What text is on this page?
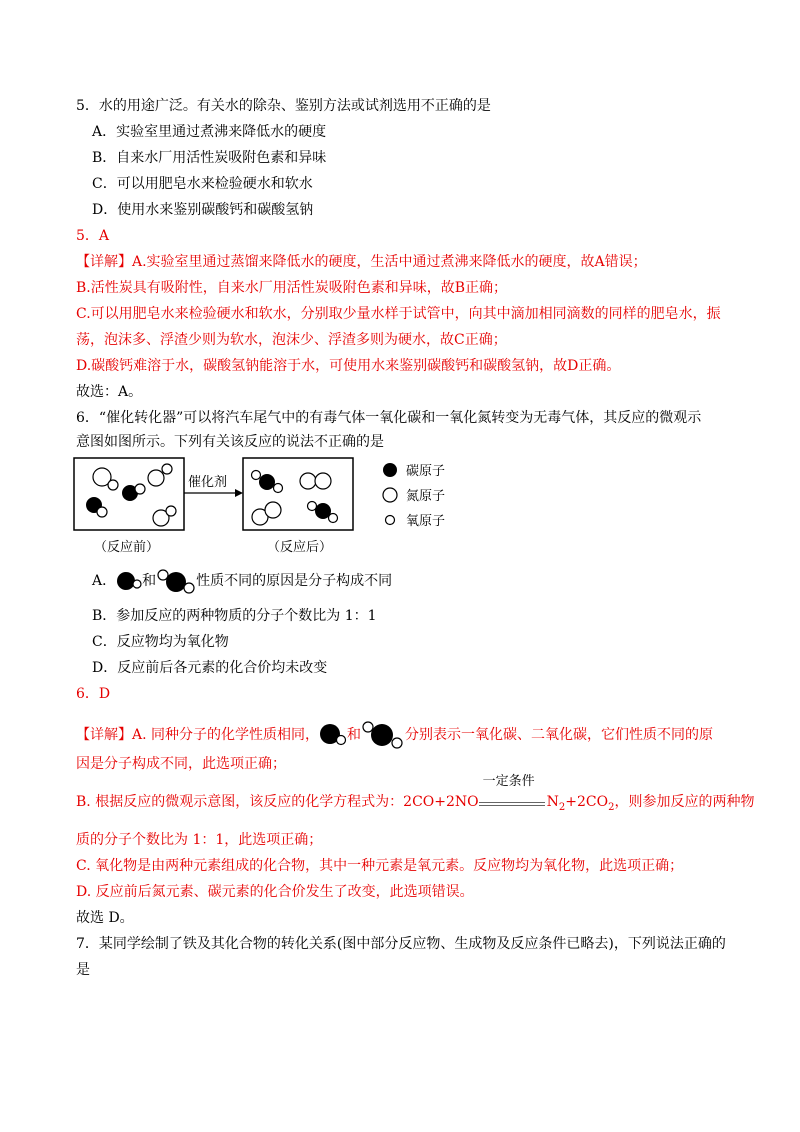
5．水的用途广泛。有关水的除杂、鉴别方法或试剂选用不正确的是
A．实验室里通过煮沸来降低水的硬度
B．自来水厂用活性炭吸附色素和异味
C．可以用肥皂水来检验硬水和软水
D．使用水来鉴别碳酸钙和碳酸氢钠
5．A
【详解】A.实验室里通过蒸馏来降低水的硬度，生活中通过煮沸来降低水的硬度，故A错误；
B.活性炭具有吸附性，自来水厂用活性炭吸附色素和异味，故B正确；
C.可以用肥皂水来检验硬水和软水，分别取少量水样于试管中，向其中滴加相同滴数的同样的肥皂水，振
荡，泡沫多、浮渣少则为软水，泡沫少、浮渣多则为硬水，故C正确；
D.碳酸钙难溶于水，碳酸氢钠能溶于水，可使用水来鉴别碳酸钙和碳酸氢钠，故D正确。
故选：A。
6．“催化转化器”可以将汽车尾气中的有毒气体一氧化碳和一氧化氮转变为无毒气体，其反应的微观示
意图如图所示。下列有关该反应的说法不正确的是
催化剂
（反应前）	（反应后）
碳原子
氮原子
氧原子
A． 和	性质不同的原因是分子构成不同
B．参加反应的两种物质的分子个数比为 1：1
C．反应物均为氧化物
D．反应前后各元素的化合价均未改变
6．D
【详解】A. 同种分子的化学性质相同， 和	分别表示一氧化碳、二氧化碳，它们性质不同的原
因是分子构成不同，此选项正确；
B. 根据反应的微观示意图，该反应的化学方程式为：2CO+2NO
一定条件
$N_2+2CO_2$，则参加反应的两种物
质的分子个数比为 1：1，此选项正确；
C. 氧化物是由两种元素组成的化合物，其中一种元素是氧元素。反应物均为氧化物，此选项正确；
D. 反应前后氮元素、碳元素的化合价发生了改变，此选项错误。
故选 D。
7．某同学绘制了铁及其化合物的转化关系(图中部分反应物、生成物及反应条件已略去)，下列说法正确的
是
